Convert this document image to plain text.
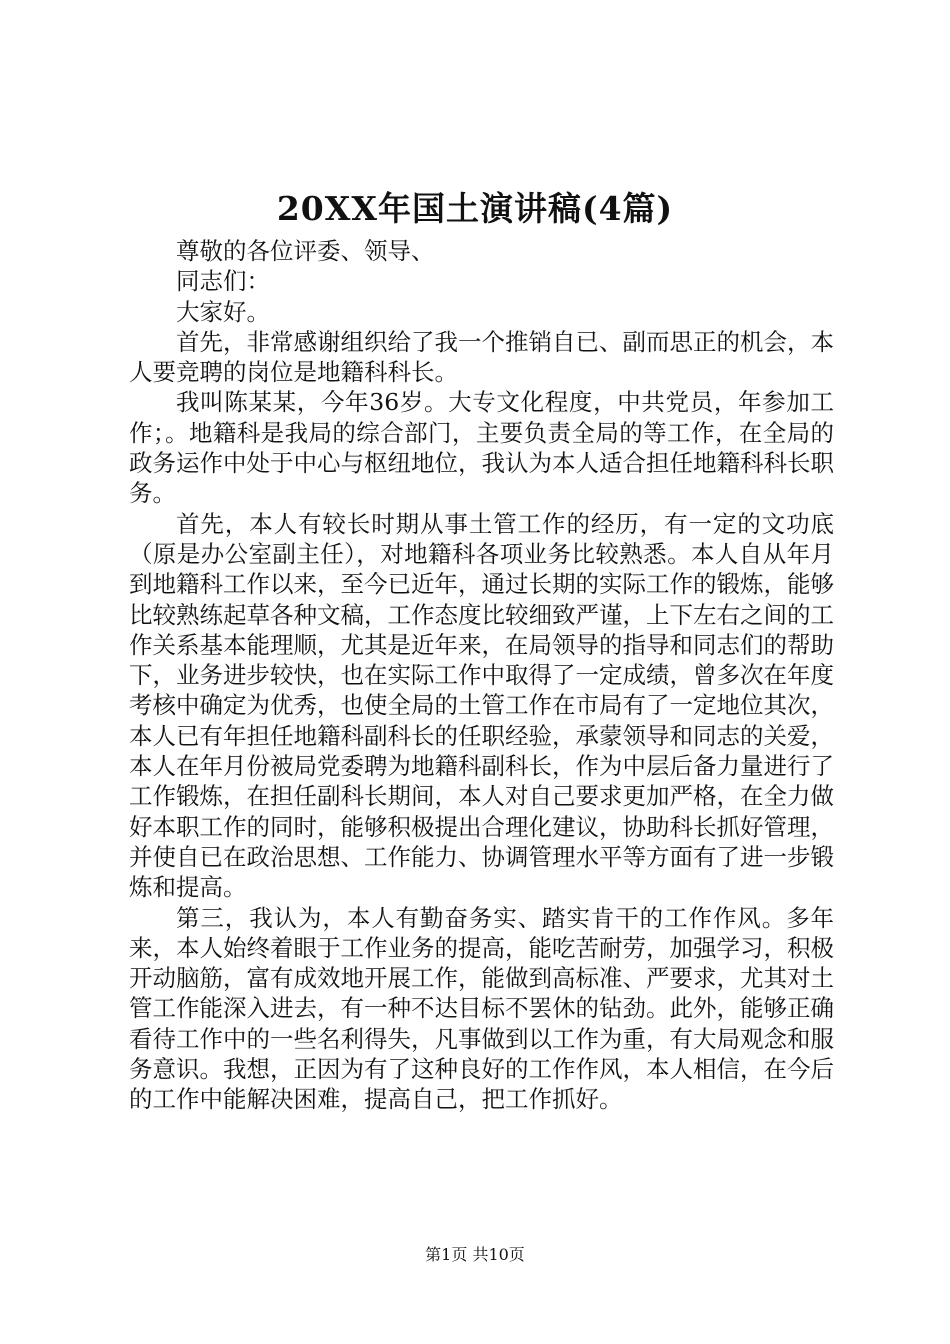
20XX年国土演讲稿(4篇)

尊敬的各位评委、领导、

同志们：

大家好。

首先，非常感谢组织给了我一个推销自已、副而思正的机会，本人要竞聘的岗位是地籍科科长。

我叫陈某某，今年36岁。大专文化程度，中共党员，年参加工作；。地籍科是我局的综合部门，主要负责全局的等工作，在全局的政务运作中处于中心与枢纽地位，我认为本人适合担任地籍科科长职务。

首先，本人有较长时期从事土管工作的经历，有一定的文功底（原是办公室副主任），对地籍科各项业务比较熟悉。本人自从年月到地籍科工作以来，至今已近年，通过长期的实际工作的锻炼，能够比较熟练起草各种文稿，工作态度比较细致严谨，上下左右之间的工作关系基本能理顺，尤其是近年来，在局领导的指导和同志们的帮助下，业务进步较快，也在实际工作中取得了一定成绩，曾多次在年度考核中确定为优秀，也使全局的土管工作在市局有了一定地位其次，本人已有年担任地籍科副科长的任职经验，承蒙领导和同志的关爱，本人在年月份被局党委聘为地籍科副科长，作为中层后备力量进行了工作锻炼，在担任副科长期间，本人对自己要求更加严格，在全力做好本职工作的同时，能够积极提出合理化建议，协助科长抓好管理，并使自已在政治思想、工作能力、协调管理水平等方面有了进一步锻炼和提高。

第三，我认为，本人有勤奋务实、踏实肯干的工作作风。多年来，本人始终着眼于工作业务的提高，能吃苦耐劳，加强学习，积极开动脑筋，富有成效地开展工作，能做到高标准、严要求，尤其对土管工作能深入进去，有一种不达目标不罢休的钻劲。此外，能够正确看待工作中的一些名利得失，凡事做到以工作为重，有大局观念和服务意识。我想，正因为有了这种良好的工作作风，本人相信，在今后的工作中能解决困难，提高自己，把工作抓好。

第1页 共10页
